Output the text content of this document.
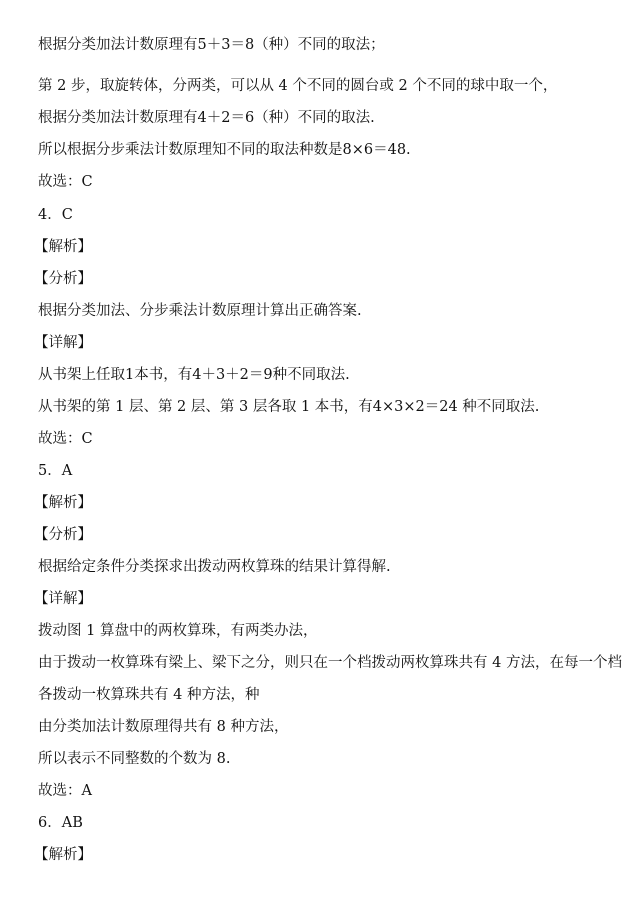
根据分类加法计数原理有5＋3＝8（种）不同的取法；
第 2 步，取旋转体，分两类，可以从 4 个不同的圆台或 2 个不同的球中取一个，
根据分类加法计数原理有4＋2＝6（种）不同的取法.
所以根据分步乘法计数原理知不同的取法种数是8×6＝48.
故选：C
4．C
【解析】
【分析】
根据分类加法、分步乘法计数原理计算出正确答案.
【详解】
从书架上任取1本书，有4＋3＋2＝9种不同取法.
从书架的第 1 层、第 2 层、第 3 层各取 1 本书，有4×3×2＝24 种不同取法.
故选：C
5．A
【解析】
【分析】
根据给定条件分类探求出拨动两枚算珠的结果计算得解.
【详解】
拨动图 1 算盘中的两枚算珠，有两类办法，
由于拨动一枚算珠有梁上、梁下之分，则只在一个档拨动两枚算珠共有 4 方法，在每一个档
各拨动一枚算珠共有 4 种方法，种
由分类加法计数原理得共有 8 种方法，
所以表示不同整数的个数为 8.
故选：A
6．AB
【解析】
